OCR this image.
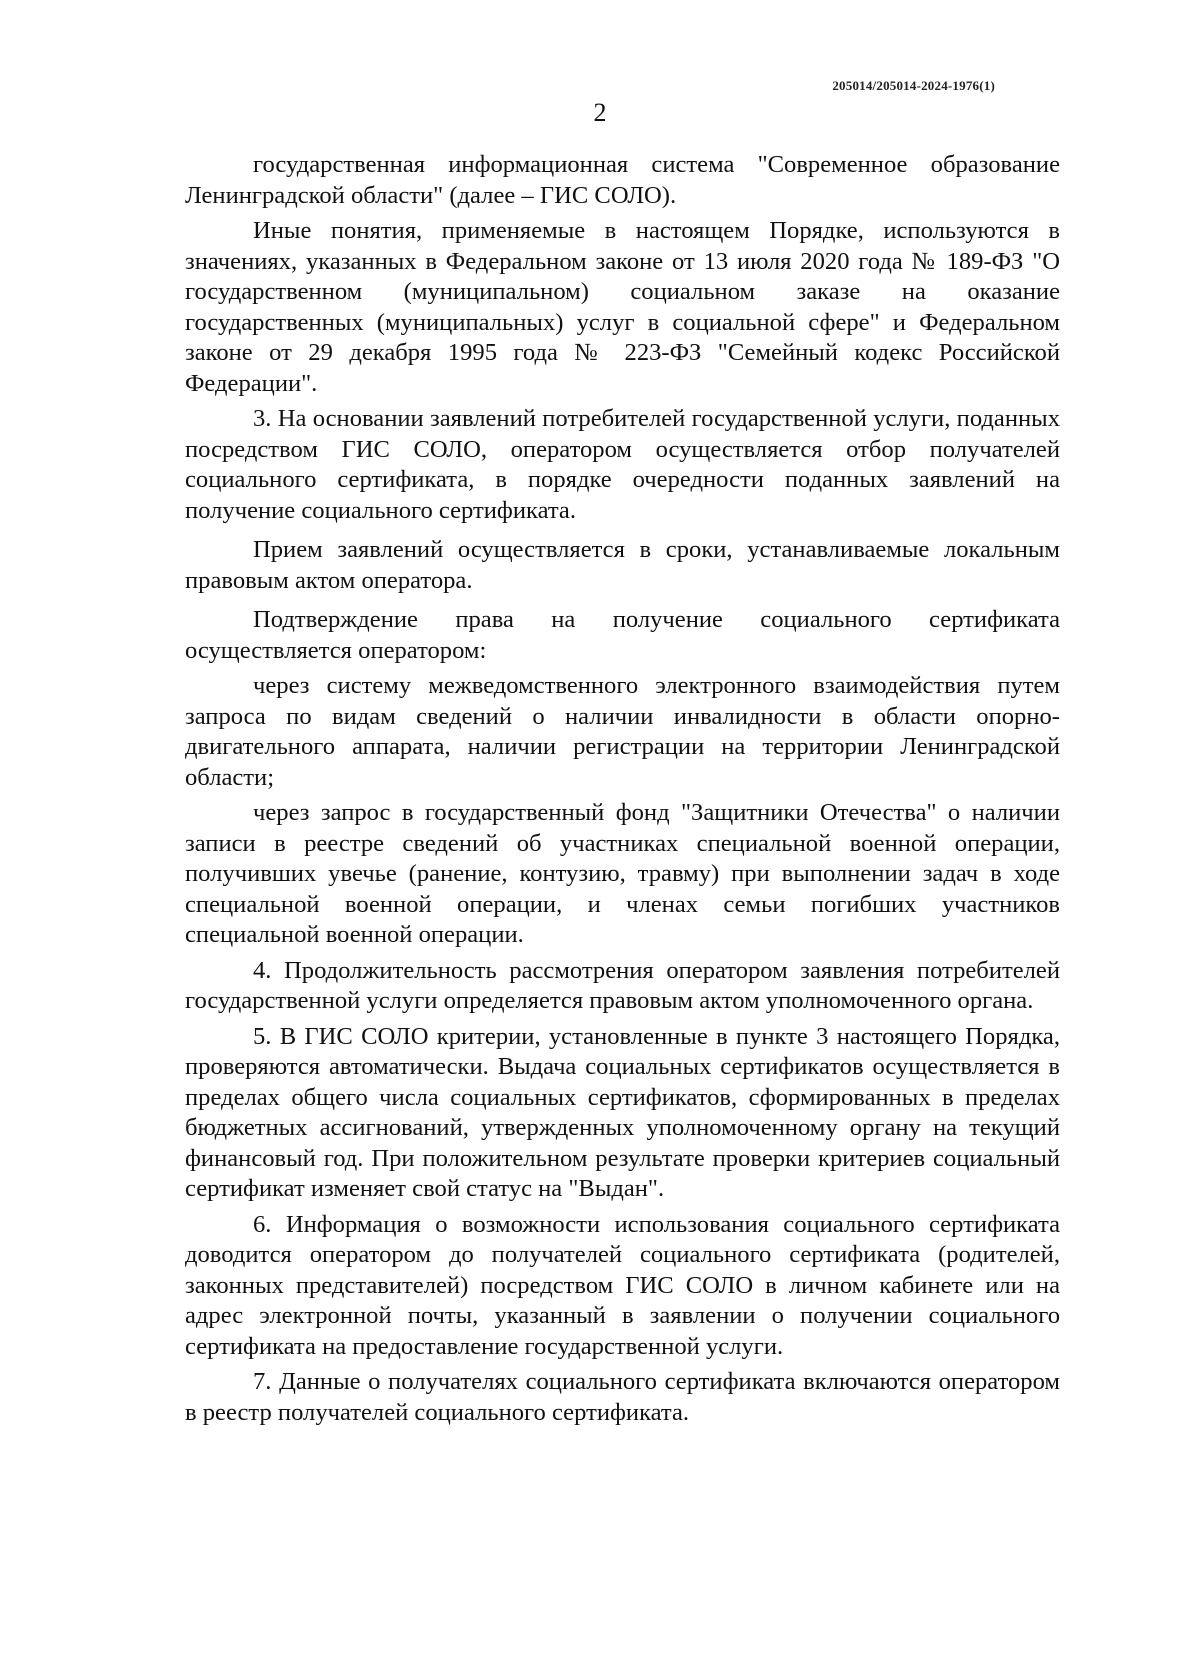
205014/205014-2024-1976(1)
2

государственная информационная система "Современное образование Ленинградской области" (далее – ГИС СОЛО).

Иные понятия, применяемые в настоящем Порядке, используются в значениях, указанных в Федеральном законе от 13 июля 2020 года № 189-ФЗ "О государственном (муниципальном) социальном заказе на оказание государственных (муниципальных) услуг в социальной сфере" и Федеральном законе от 29 декабря 1995 года № 223-ФЗ "Семейный кодекс Российской Федерации".

3. На основании заявлений потребителей государственной услуги, поданных посредством ГИС СОЛО, оператором осуществляется отбор получателей социального сертификата, в порядке очередности поданных заявлений на получение социального сертификата.

Прием заявлений осуществляется в сроки, устанавливаемые локальным правовым актом оператора.

Подтверждение права на получение социального сертификата осуществляется оператором:

через систему межведомственного электронного взаимодействия путем запроса по видам сведений о наличии инвалидности в области опорно-двигательного аппарата, наличии регистрации на территории Ленинградской области;

через запрос в государственный фонд "Защитники Отечества" о наличии записи в реестре сведений об участниках специальной военной операции, получивших увечье (ранение, контузию, травму) при выполнении задач в ходе специальной военной операции, и членах семьи погибших участников специальной военной операции.

4. Продолжительность рассмотрения оператором заявления потребителей государственной услуги определяется правовым актом уполномоченного органа.

5. В ГИС СОЛО критерии, установленные в пункте 3 настоящего Порядка, проверяются автоматически. Выдача социальных сертификатов осуществляется в пределах общего числа социальных сертификатов, сформированных в пределах бюджетных ассигнований, утвержденных уполномоченному органу на текущий финансовый год. При положительном результате проверки критериев социальный сертификат изменяет свой статус на "Выдан".

6. Информация о возможности использования социального сертификата доводится оператором до получателей социального сертификата (родителей, законных представителей) посредством ГИС СОЛО в личном кабинете или на адрес электронной почты, указанный в заявлении о получении социального сертификата на предоставление государственной услуги.

7. Данные о получателях социального сертификата включаются оператором в реестр получателей социального сертификата.
